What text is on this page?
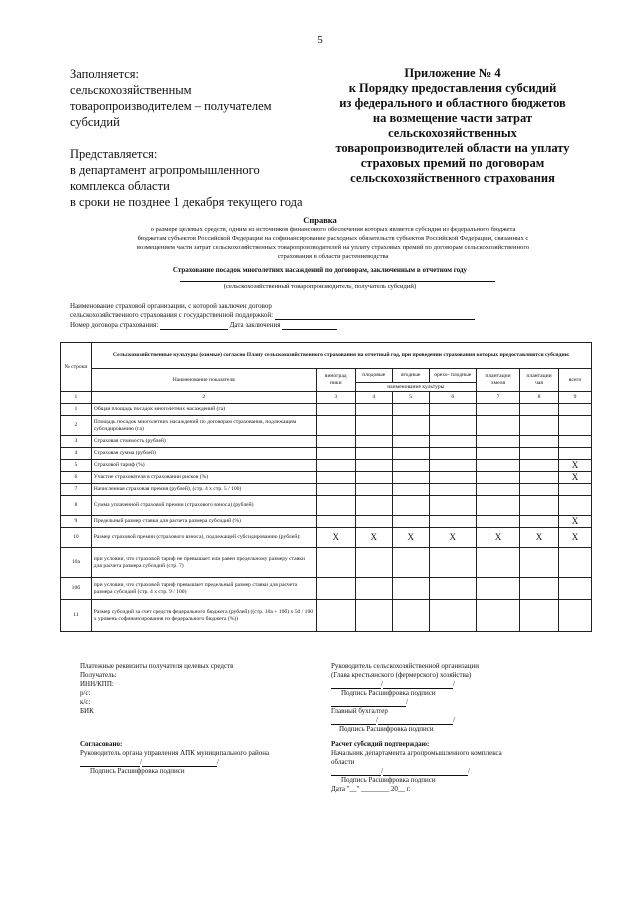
5
Заполняется:
сельскохозяйственным
товаропроизводителем – получателем
субсидий
Представляется:
в департамент агропромышленного
комплекса области
в сроки не позднее 1 декабря текущего года
Приложение № 4
к Порядку предоставления субсидий
из федерального и областного бюджетов
на возмещение части затрат
сельскохозяйственных
товаропроизводителей области на уплату
страховых премий по договорам
сельскохозяйственного страхования
Справка
о размере целевых средств, одним из источников финансового обеспечения которых является субсидия из федерального бюджета
бюджетам субъектов Российской Федерации на софинансирование расходных обязательств субъектов Российской Федерации, связанных с
возмещением части затрат сельскохозяйственных товаропроизводителей на уплату страховых премий по договорам сельскохозяйственного
страхования в области растениеводства
Страхование посадок многолетних насаждений по договорам, заключенным в отчетном году
(сельскохозяйственный товаропроизводитель, получатель субсидий)
Наименование страховой организации, с которой заключен договор
сельскохозяйственного страхования с государственной поддержкой:
Номер договора страхования:	Дата заключения
№ строки	Сельскохозяйственные культуры (озимые) согласно Плану сельскохозяйственного страхования на отчетный год, при проведении страхования которых предоставляются субсидии:							
	Наименование показателя	виноград ники	плодовые	ягодные	орехо- плодные	плантации хмеля	плантации чая	всего
			наименование культуры					
1	2	3	4	5	6	7	8	9
1	Общая площадь посадок многолетних насаждений (га)							
2	Площадь посадок многолетних насаждений по договорам страхования, подлежащим субсидированию (га)							
3	Страховая стоимость (рублей)							
4	Страховая сумма (рублей)							
5	Страховой тариф (%)							X
6	Участие страхователя в страховании рисков (%)							X
7	Начисленная страховая премия (рублей), (стр. 4 х стр. 5 / 100)							
8	Сумма уплаченной страховой премии (страхового взноса) (рублей)							
9	Предельный размер ставки для расчета размера субсидий (%)							X
10	Размер страховой премии (страхового взноса), подлежащей субсидированию (рублей):	X	X	X	X	X	X	X
10а	при условии, что страховой тариф не превышает или равен предельному размеру ставки для расчета размера субсидий (стр. 7)							
10б	при условии, что страховой тариф превышает предельный размер ставки для расчета размера субсидий (стр. 4 х стр. 9 / 100)							
11	Размер субсидий за счет средств федерального бюджета (рублей) ((стр. 10а + 10б) х 50 / 100 х уровень софинансирования из федерального бюджета (%))							
Платежные реквизиты получателя целевых средств
Получатель:
ИНН/КПП:
р/с:
к/с:
БИК
Руководитель сельскохозяйственной организации
(Глава крестьянского (фермерского) хозяйства)
/	/
Подпись Расшифровка подписи
/
Главный бухгалтер
/	/
Подпись Расшифровка подписи
Согласовано:
Руководитель органа управления АПК муниципального района
/	/
Подпись Расшифровка подписи
Расчет субсидий подтверждаю:
Начальник департамента агропромышленного комплекса
области
/	/
Подпись Расшифровка подписи
Дата "__" ________ 20__ г.
